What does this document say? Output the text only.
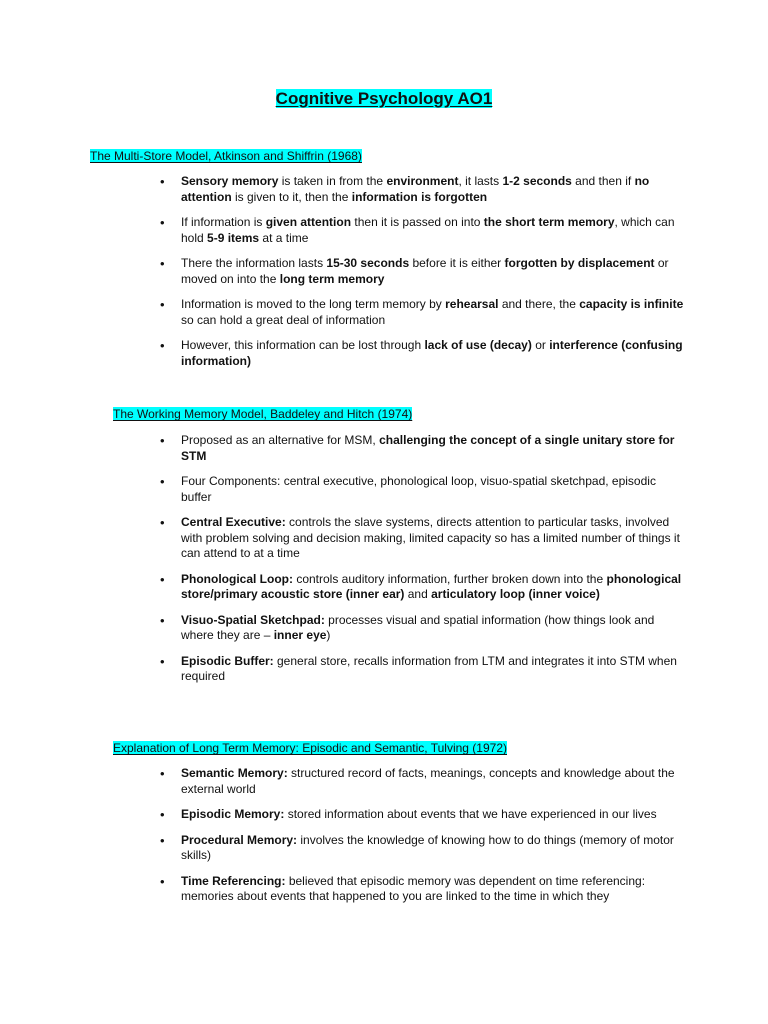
Cognitive Psychology AO1
The Multi-Store Model, Atkinson and Shiffrin (1968)
• Sensory memory is taken in from the environment, it lasts 1-2 seconds and then if no attention is given to it, then the information is forgotten
• If information is given attention then it is passed on into the short term memory, which can hold 5-9 items at a time
• There the information lasts 15-30 seconds before it is either forgotten by displacement or moved on into the long term memory
• Information is moved to the long term memory by rehearsal and there, the capacity is infinite so can hold a great deal of information
• However, this information can be lost through lack of use (decay) or interference (confusing information)
The Working Memory Model, Baddeley and Hitch (1974)
• Proposed as an alternative for MSM, challenging the concept of a single unitary store for STM
• Four Components: central executive, phonological loop, visuo-spatial sketchpad, episodic buffer
• Central Executive: controls the slave systems, directs attention to particular tasks, involved with problem solving and decision making, limited capacity so has a limited number of things it can attend to at a time
• Phonological Loop: controls auditory information, further broken down into the phonological store/primary acoustic store (inner ear) and articulatory loop (inner voice)
• Visuo-Spatial Sketchpad: processes visual and spatial information (how things look and where they are – inner eye)
• Episodic Buffer: general store, recalls information from LTM and integrates it into STM when required
Explanation of Long Term Memory: Episodic and Semantic, Tulving (1972)
• Semantic Memory: structured record of facts, meanings, concepts and knowledge about the external world
• Episodic Memory: stored information about events that we have experienced in our lives
• Procedural Memory: involves the knowledge of knowing how to do things (memory of motor skills)
• Time Referencing: believed that episodic memory was dependent on time referencing: memories about events that happened to you are linked to the time in which they
